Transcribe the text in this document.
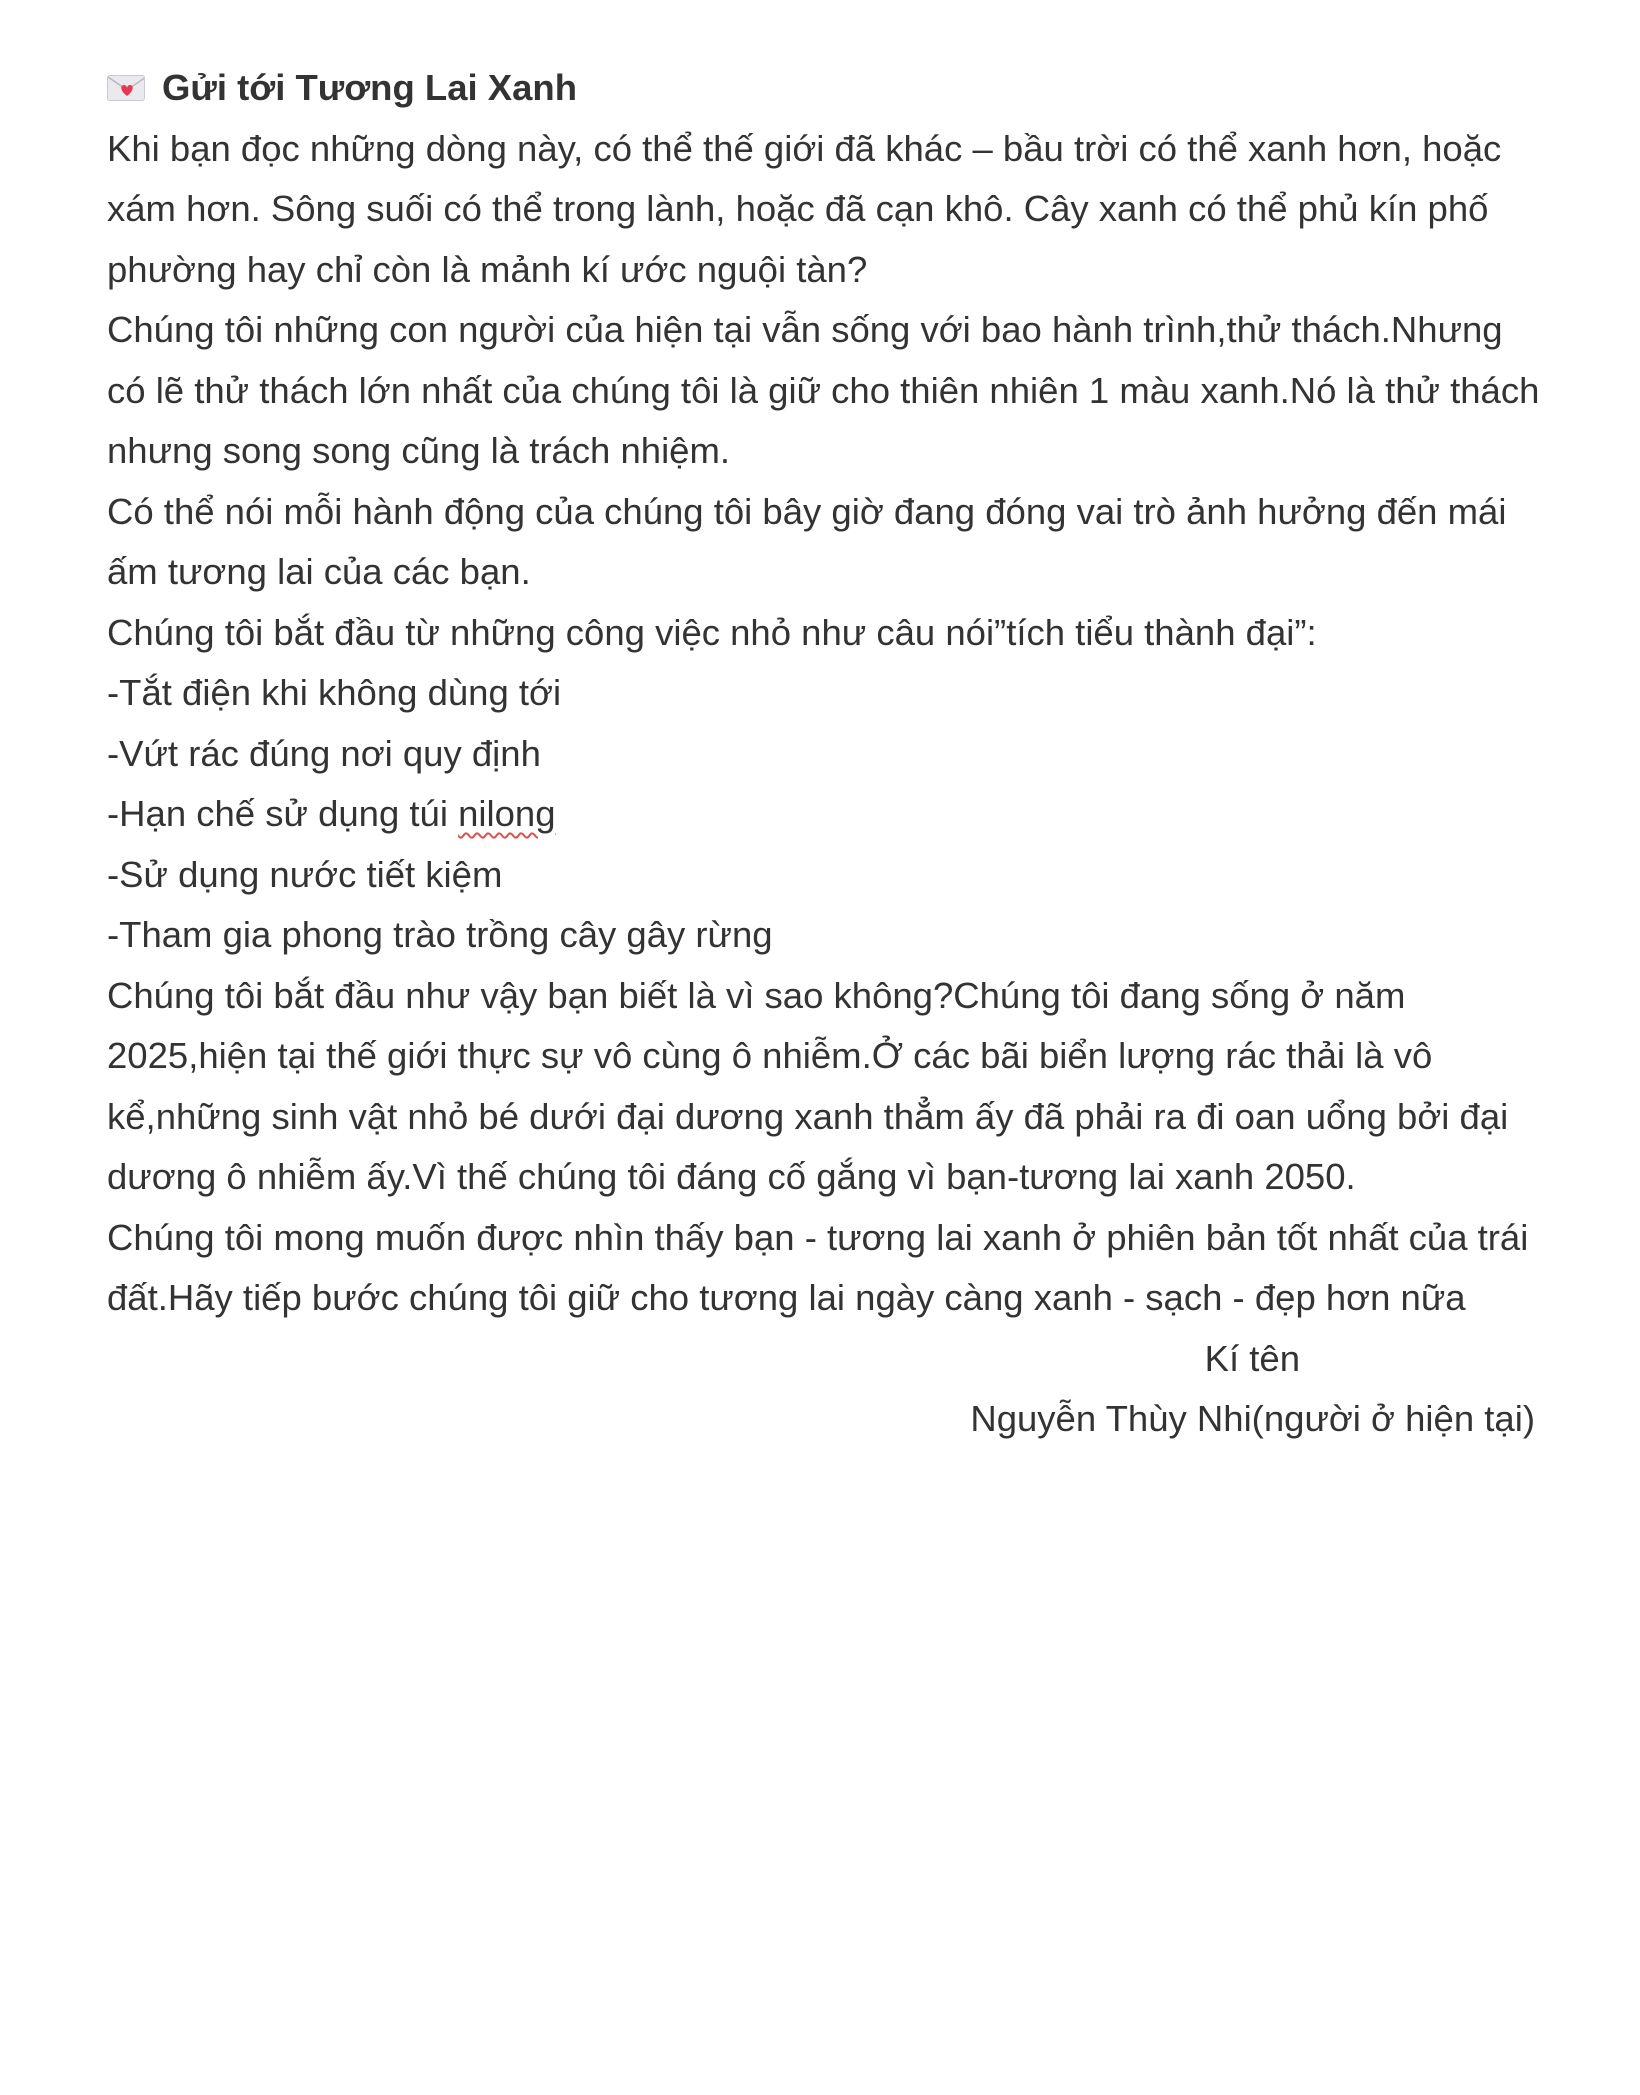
Gửi tới Tương Lai Xanh

Khi bạn đọc những dòng này, có thể thế giới đã khác – bầu trời có thể xanh hơn, hoặc xám hơn. Sông suối có thể trong lành, hoặc đã cạn khô. Cây xanh có thể phủ kín phố phường hay chỉ còn là mảnh kí ước nguội tàn?

Chúng tôi những con người của hiện tại vẫn sống với bao hành trình,thử thách.Nhưng có lẽ thử thách lớn nhất của chúng tôi là giữ cho thiên nhiên 1 màu xanh.Nó là thử thách nhưng song song cũng là trách nhiệm.

Có thể nói mỗi hành động của chúng tôi bây giờ đang đóng vai trò ảnh hưởng đến mái ấm tương lai của các bạn.

Chúng tôi bắt đầu từ những công việc nhỏ như câu nói”tích tiểu thành đại”:

-Tắt điện khi không dùng tới

-Vứt rác đúng nơi quy định

-Hạn chế sử dụng túi nilong

-Sử dụng nước tiết kiệm

-Tham gia phong trào trồng cây gây rừng

Chúng tôi bắt đầu như vậy bạn biết là vì sao không?Chúng tôi đang sống ở năm 2025,hiện tại thế giới thực sự vô cùng ô nhiễm.Ở các bãi biển lượng rác thải là vô kể,những sinh vật nhỏ bé dưới đại dương xanh thẳm ấy đã phải ra đi oan uổng bởi đại dương ô nhiễm ấy.Vì thế chúng tôi đáng cố gắng vì bạn-tương lai xanh 2050.

Chúng tôi mong muốn được nhìn thấy bạn - tương lai xanh ở phiên bản tốt nhất của trái đất.Hãy tiếp bước chúng tôi giữ cho tương lai ngày càng xanh - sạch - đẹp hơn nữa

Kí tên
Nguyễn Thùy Nhi(người ở hiện tại)
